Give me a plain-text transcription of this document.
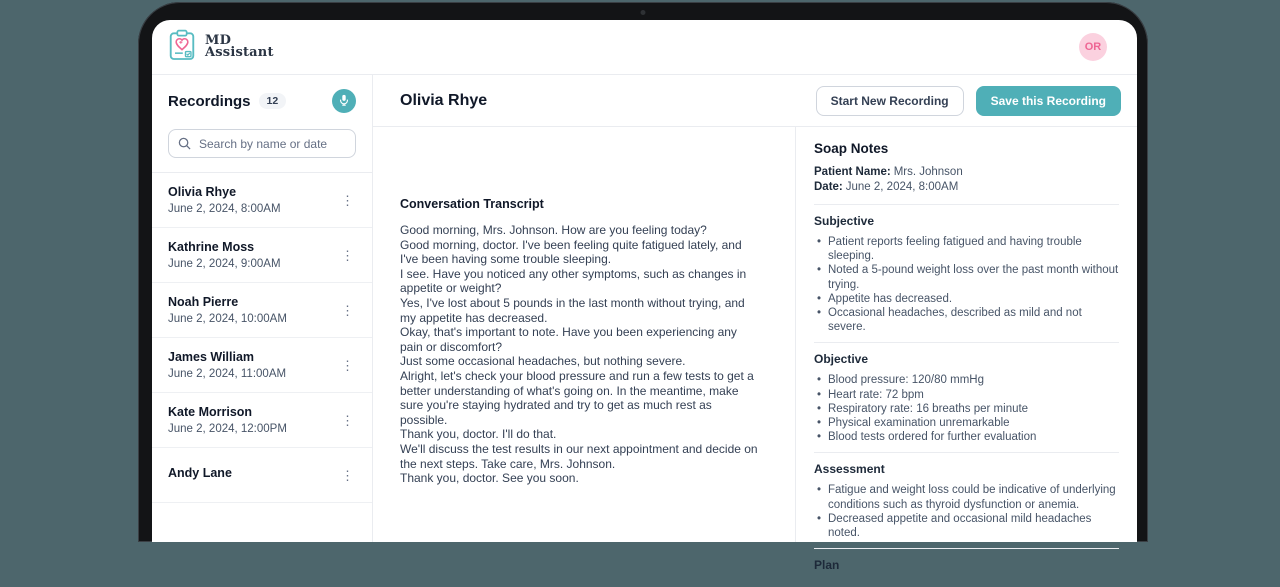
MD
Assistant	OR
Recordings	12
Search by name or date
Olivia Rhye
June 2, 2024, 8:00AM
⋮
Kathrine Moss
June 2, 2024, 9:00AM
⋮
Noah Pierre
June 2, 2024, 10:00AM
⋮
James William
June 2, 2024, 11:00AM
⋮
Kate Morrison
June 2, 2024, 12:00PM
⋮
Andy Lane	⋮
Olivia Rhye	Start New Recording	Save this Recording
Conversation Transcript

Good morning, Mrs. Johnson. How are you feeling today?

Good morning, doctor. I've been feeling quite fatigued lately, and I've been having some trouble sleeping.

I see. Have you noticed any other symptoms, such as changes in appetite or weight?

Yes, I've lost about 5 pounds in the last month without trying, and my appetite has decreased.

Okay, that's important to note. Have you been experiencing any pain or discomfort?

Just some occasional headaches, but nothing severe.

Alright, let's check your blood pressure and run a few tests to get a better understanding of what's going on. In the meantime, make sure you're staying hydrated and try to get as much rest as possible.

Thank you, doctor. I'll do that.

We'll discuss the test results in our next appointment and decide on the next steps. Take care, Mrs. Johnson.

Thank you, doctor. See you soon.

Soap Notes
Patient Name: Mrs. Johnson
Date: June 2, 2024, 8:00AM
Subjective
• Patient reports feeling fatigued and having trouble sleeping.
• Noted a 5-pound weight loss over the past month without trying.
• Appetite has decreased.
• Occasional headaches, described as mild and not severe.
Objective
• Blood pressure: 120/80 mmHg
• Heart rate: 72 bpm
• Respiratory rate: 16 breaths per minute
• Physical examination unremarkable
• Blood tests ordered for further evaluation
Assessment
• Fatigue and weight loss could be indicative of underlying conditions such as thyroid dysfunction or anemia.
• Decreased appetite and occasional mild headaches noted.
Plan
